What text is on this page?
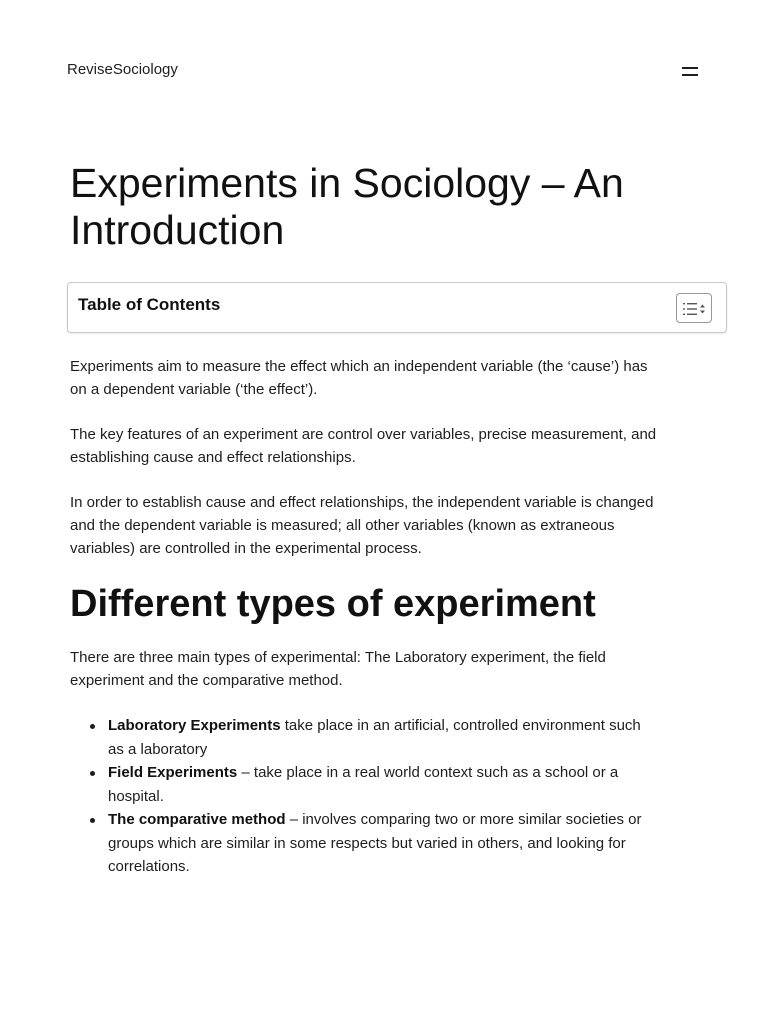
ReviseSociology
Experiments in Sociology – An Introduction
Table of Contents

Experiments aim to measure the effect which an independent variable (the ‘cause’) has on a dependent variable (‘the effect’).

The key features of an experiment are control over variables, precise measurement, and establishing cause and effect relationships.

In order to establish cause and effect relationships, the independent variable is changed and the dependent variable is measured; all other variables (known as extraneous variables) are controlled in the experimental process.

Different types of experiment

There are three main types of experimental: The Laboratory experiment, the field experiment and the comparative method.

Laboratory Experiments take place in an artificial, controlled environment such as a laboratory
Field Experiments – take place in a real world context such as a school or a hospital.
The comparative method – involves comparing two or more similar societies or groups which are similar in some respects but varied in others, and looking for correlations.
